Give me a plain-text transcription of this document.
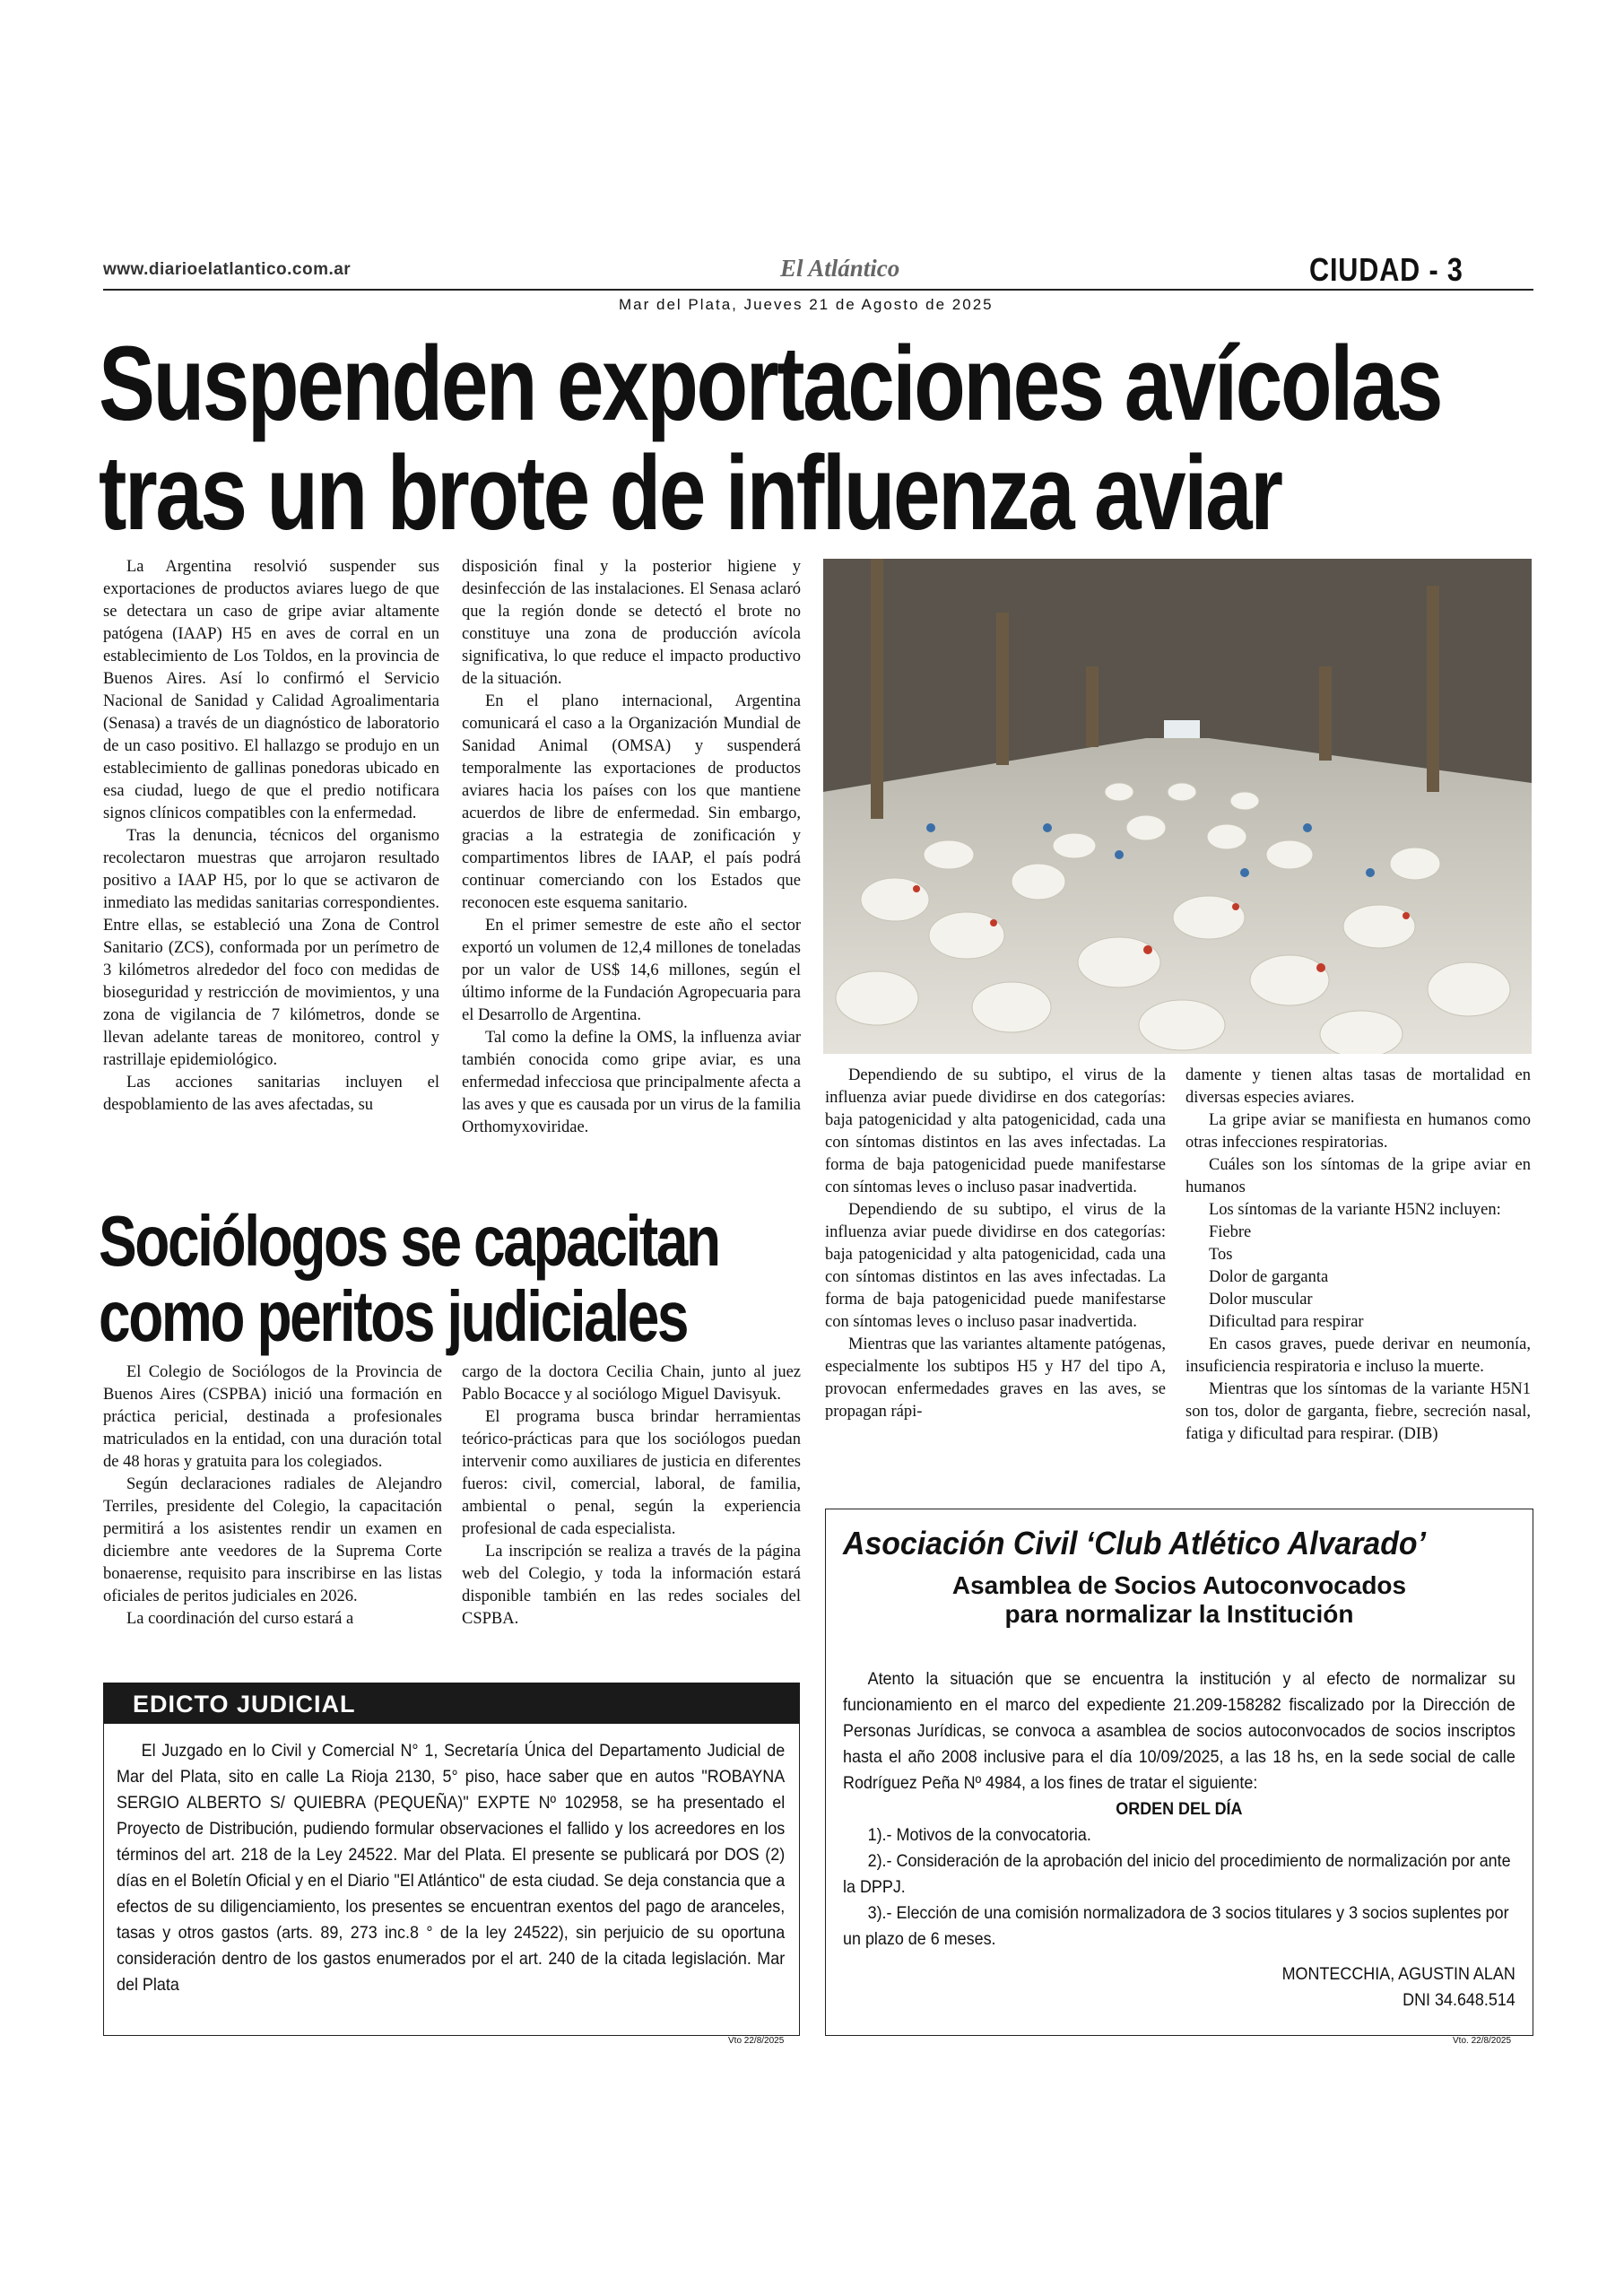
www.diarioelatlantico.com.ar	El Atlántico	CIUDAD - 3
Mar del Plata, Jueves 21 de Agosto de 2025
Suspenden exportaciones avícolas
tras un brote de influenza aviar

La Argentina resolvió suspender sus exportaciones de productos aviares luego de que se detectara un caso de gripe aviar altamente patógena (IAAP) H5 en aves de corral en un establecimiento de Los Toldos, en la provincia de Buenos Aires. Así lo confirmó el Servicio Nacional de Sanidad y Calidad Agroalimentaria (Senasa) a través de un diagnóstico de laboratorio de un caso positivo. El hallazgo se produjo en un establecimiento de gallinas ponedoras ubicado en esa ciudad, luego de que el predio notificara signos clínicos compatibles con la enfermedad.

Tras la denuncia, técnicos del organismo recolectaron muestras que arrojaron resultado positivo a IAAP H5, por lo que se activaron de inmediato las medidas sanitarias correspondientes. Entre ellas, se estableció una Zona de Control Sanitario (ZCS), conformada por un perímetro de 3 kilómetros alrededor del foco con medidas de bioseguridad y restricción de movimientos, y una zona de vigilancia de 7 kilómetros, donde se llevan adelante tareas de monitoreo, control y rastrillaje epidemiológico.

Las acciones sanitarias incluyen el despoblamiento de las aves afectadas, su

disposición final y la posterior higiene y desinfección de las instalaciones. El Senasa aclaró que la región donde se detectó el brote no constituye una zona de producción avícola significativa, lo que reduce el impacto productivo de la situación.

En el plano internacional, Argentina comunicará el caso a la Organización Mundial de Sanidad Animal (OMSA) y suspenderá temporalmente las exportaciones de productos aviares hacia los países con los que mantiene acuerdos de libre de enfermedad. Sin embargo, gracias a la estrategia de zonificación y compartimentos libres de IAAP, el país podrá continuar comerciando con los Estados que reconocen este esquema sanitario.

En el primer semestre de este año el sector exportó un volumen de 12,4 millones de toneladas por un valor de US$ 14,6 millones, según el último informe de la Fundación Agropecuaria para el Desarrollo de Argentina.

Tal como la define la OMS, la influenza aviar también conocida como gripe aviar, es una enfermedad infecciosa que principalmente afecta a las aves y que es causada por un virus de la familia Orthomyxoviridae.

Dependiendo de su subtipo, el virus de la influenza aviar puede dividirse en dos categorías: baja patogenicidad y alta patogenicidad, cada una con síntomas distintos en las aves infectadas. La forma de baja patogenicidad puede manifestarse con síntomas leves o incluso pasar inadvertida.

Dependiendo de su subtipo, el virus de la influenza aviar puede dividirse en dos categorías: baja patogenicidad y alta patogenicidad, cada una con síntomas distintos en las aves infectadas. La forma de baja patogenicidad puede manifestarse con síntomas leves o incluso pasar inadvertida.

Mientras que las variantes altamente patógenas, especialmente los subtipos H5 y H7 del tipo A, provocan enfermedades graves en las aves, se propagan rápi-

damente y tienen altas tasas de mortalidad en diversas especies aviares.

La gripe aviar se manifiesta en humanos como otras infecciones respiratorias.

Cuáles son los síntomas de la gripe aviar en humanos

Los síntomas de la variante H5N2 incluyen:

Fiebre

Tos

Dolor de garganta

Dolor muscular

Dificultad para respirar

En casos graves, puede derivar en neumonía, insuficiencia respiratoria e incluso la muerte.

Mientras que los síntomas de la variante H5N1 son tos, dolor de garganta, fiebre, secreción nasal, fatiga y dificultad para respirar. (DIB)

Sociólogos se capacitan
como peritos judiciales

El Colegio de Sociólogos de la Provincia de Buenos Aires (CSPBA) inició una formación en práctica pericial, destinada a profesionales matriculados en la entidad, con una duración total de 48 horas y gratuita para los colegiados.

Según declaraciones radiales de Alejandro Terriles, presidente del Colegio, la capacitación permitirá a los asistentes rendir un examen en diciembre ante veedores de la Suprema Corte bonaerense, requisito para inscribirse en las listas oficiales de peritos judiciales en 2026.

La coordinación del curso estará a

cargo de la doctora Cecilia Chain, junto al juez Pablo Bocacce y al sociólogo Miguel Davisyuk.

El programa busca brindar herramientas teórico-prácticas para que los sociólogos puedan intervenir como auxiliares de justicia en diferentes fueros: civil, comercial, laboral, de familia, ambiental o penal, según la experiencia profesional de cada especialista.

La inscripción se realiza a través de la página web del Colegio, y toda la información estará disponible también en las redes sociales del CSPBA.

EDICTO JUDICIAL
El Juzgado en lo Civil y Comercial N° 1, Secretaría Única del Departamento Judicial de Mar del Plata, sito en calle La Rioja 2130, 5° piso, hace saber que en autos "ROBAYNA SERGIO ALBERTO S/ QUIEBRA (PEQUEÑA)" EXPTE Nº 102958, se ha presentado el Proyecto de Distribución, pudiendo formular observaciones el fallido y los acreedores en los términos del art. 218 de la Ley 24522. Mar del Plata. El presente se publicará por DOS (2) días en el Boletín Oficial y en el Diario "El Atlántico" de esta ciudad. Se deja constancia que a efectos de su diligenciamiento, los presentes se encuentran exentos del pago de aranceles, tasas y otros gastos (arts. 89, 273 inc.8 ° de la ley 24522), sin perjuicio de su oportuna consideración dentro de los gastos enumerados por el art. 240 de la citada legislación. Mar del Plata
Vto 22/8/2025
Asociación Civil ‘Club Atlético Alvarado’
Asamblea de Socios Autoconvocados
para normalizar la Institución

Atento la situación que se encuentra la institución y al efecto de normalizar su funcionamiento en el marco del expediente 21.209-158282 fiscalizado por la Dirección de Personas Jurídicas, se convoca a asamblea de socios autoconvocados de socios inscriptos hasta el año 2008 inclusive para el día 10/09/2025, a las 18 hs, en la sede social de calle Rodríguez Peña Nº 4984, a los fines de tratar el siguiente:

ORDEN DEL DÍA

1).- Motivos de la convocatoria.

2).- Consideración de la aprobación del inicio del procedimiento de normalización por ante la DPPJ.

3).- Elección de una comisión normalizadora de 3 socios titulares y 3 socios suplentes por un plazo de 6 meses.

MONTECCHIA, AGUSTIN ALAN

DNI 34.648.514

Vto. 22/8/2025
